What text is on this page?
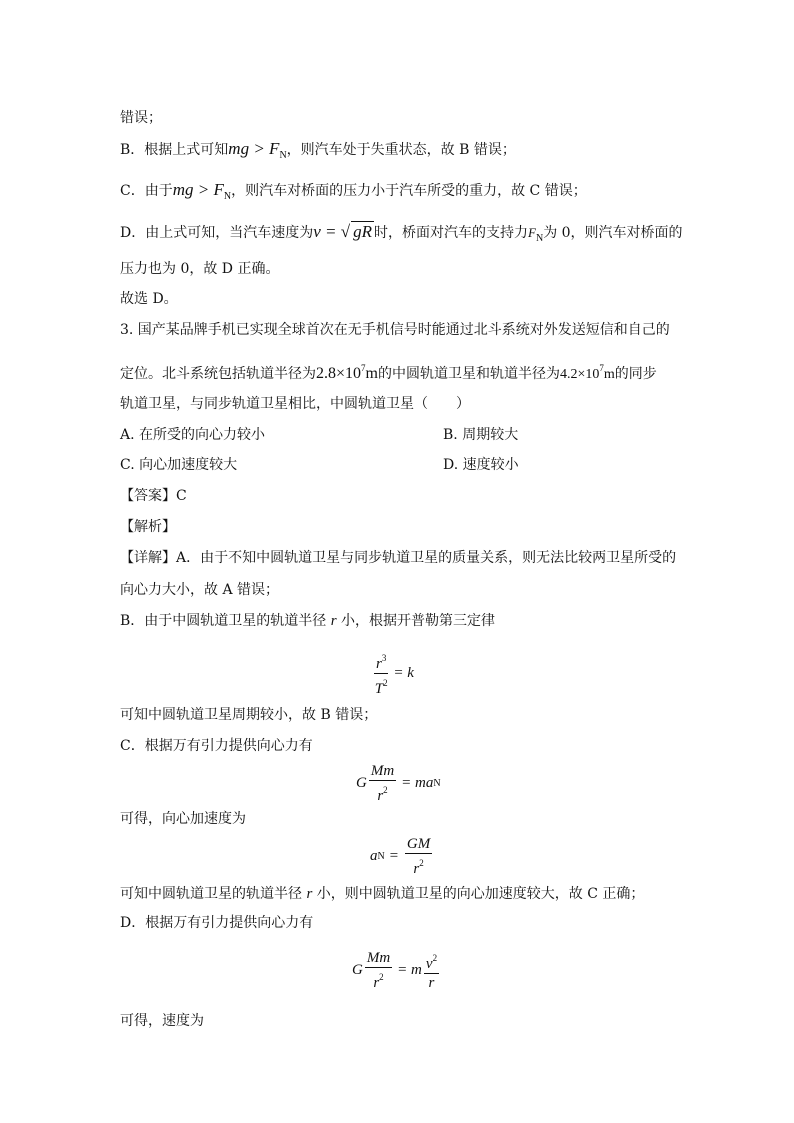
错误；
B．根据上式可知mg > $F_N$，则汽车处于失重状态，故 B 错误；
C．由于mg > $F_N$，则汽车对桥面的压力小于汽车所受的重力，故 C 错误；
D．由上式可知，当汽车速度为v = √ gR 时，桥面对汽车的支持力$F_N$为 0，则汽车对桥面的
压力也为 0，故 D 正确。
故选 D。
3. 国产某品牌手机已实现全球首次在无手机信号时能通过北斗系统对外发送短信和自己的
定位。北斗系统包括轨道半径为$2.8\times 10^7m$的中圆轨道卫星和轨道半径为$4.2\times 10^7m$的同步
轨道卫星，与同步轨道卫星相比，中圆轨道卫星（　　）
A. 在所受的向心力较小	B. 周期较大
C. 向心加速度较大	D. 速度较小
【答案】C
【解析】
【详解】A．由于不知中圆轨道卫星与同步轨道卫星的质量关系，则无法比较两卫星所受的
向心力大小，故 A 错误；
B．由于中圆轨道卫星的轨道半径 r 小，根据开普勒第三定律
$\frac{r^3}{T^2} = k$
可知中圆轨道卫星周期较小，故 B 错误；
C．根据万有引力提供向心力有
G $\frac{Mm}{r^2}$ = ma N
可得，向心加速度为
a $N = \frac{GM}{r^2}$
可知中圆轨道卫星的轨道半径 r 小，则中圆轨道卫星的向心加速度较大，故 C 正确；
D．根据万有引力提供向心力有
G $\frac{Mm}{r^2} = m \frac{v^2}{r}$
可得，速度为
